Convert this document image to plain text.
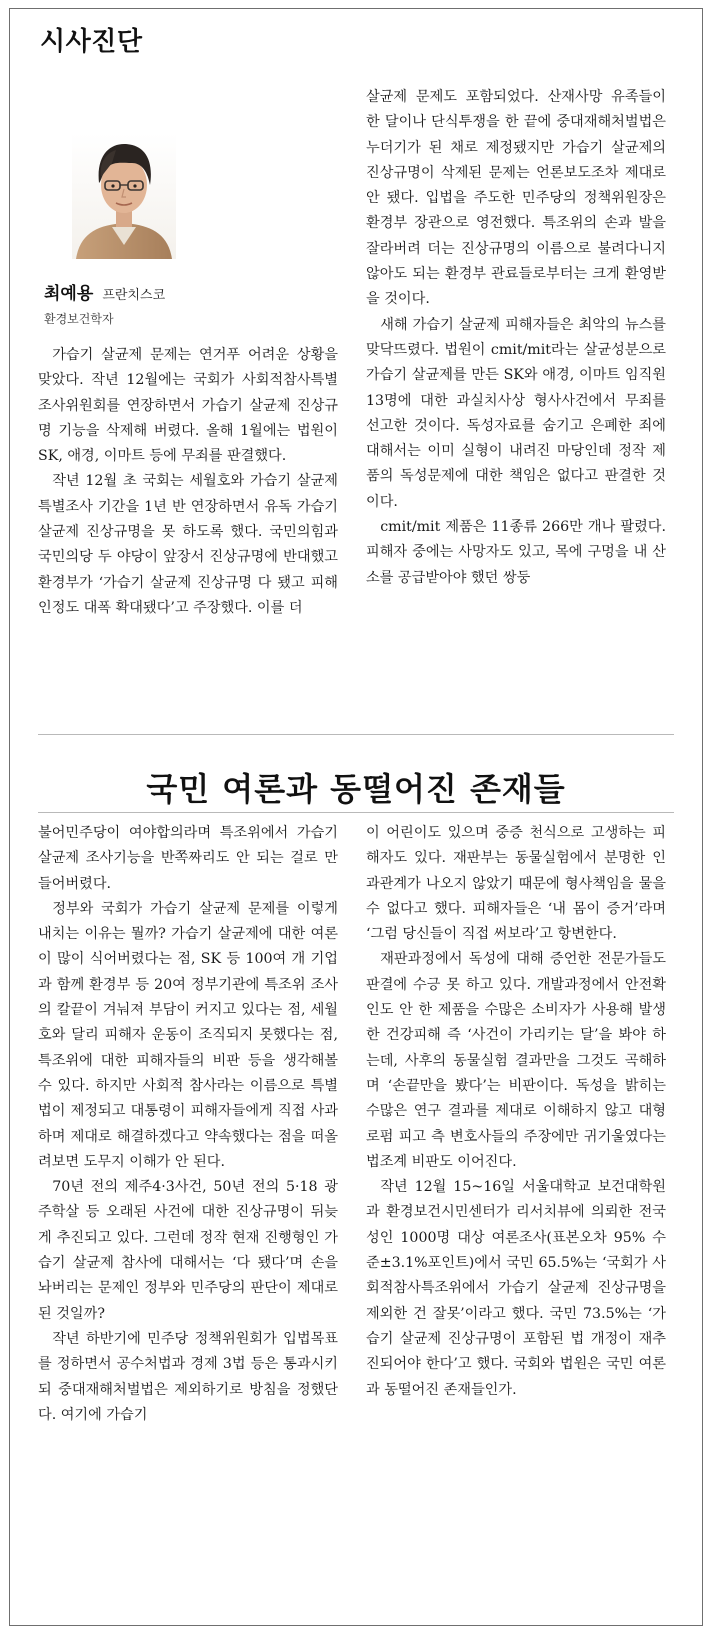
시사진단
최예용 프란치스코
환경보건학자

가습기 살균제 문제는 연거푸 어려운 상황을 맞았다. 작년 12월에는 국회가 사회적참사특별조사위원회를 연장하면서 가습기 살균제 진상규명 기능을 삭제해 버렸다. 올해 1월에는 법원이 SK, 애경, 이마트 등에 무죄를 판결했다.

작년 12월 초 국회는 세월호와 가습기 살균제 특별조사 기간을 1년 반 연장하면서 유독 가습기 살균제 진상규명을 못 하도록 했다. 국민의힘과 국민의당 두 야당이 앞장서 진상규명에 반대했고 환경부가 ‘가습기 살균제 진상규명 다 됐고 피해인정도 대폭 확대됐다’고 주장했다. 이를 더

살균제 문제도 포함되었다. 산재사망 유족들이 한 달이나 단식투쟁을 한 끝에 중대재해처벌법은 누더기가 된 채로 제정됐지만 가습기 살균제의 진상규명이 삭제된 문제는 언론보도조차 제대로 안 됐다. 입법을 주도한 민주당의 정책위원장은 환경부 장관으로 영전했다. 특조위의 손과 발을 잘라버려 더는 진상규명의 이름으로 불려다니지 않아도 되는 환경부 관료들로부터는 크게 환영받을 것이다.

새해 가습기 살균제 피해자들은 최악의 뉴스를 맞닥뜨렸다. 법원이 cmit/mit라는 살균성분으로 가습기 살균제를 만든 SK와 애경, 이마트 임직원 13명에 대한 과실치사상 형사사건에서 무죄를 선고한 것이다. 독성자료를 숨기고 은폐한 죄에 대해서는 이미 실형이 내려진 마당인데 정작 제품의 독성문제에 대한 책임은 없다고 판결한 것이다.

cmit/mit 제품은 11종류 266만 개나 팔렸다. 피해자 중에는 사망자도 있고, 목에 구멍을 내 산소를 공급받아야 했던 쌍둥

국민 여론과 동떨어진 존재들

불어민주당이 여야합의라며 특조위에서 가습기 살균제 조사기능을 반쪽짜리도 안 되는 걸로 만들어버렸다.

정부와 국회가 가습기 살균제 문제를 이렇게 내치는 이유는 뭘까? 가습기 살균제에 대한 여론이 많이 식어버렸다는 점, SK 등 100여 개 기업과 함께 환경부 등 20여 정부기관에 특조위 조사의 칼끝이 겨눠져 부담이 커지고 있다는 점, 세월호와 달리 피해자 운동이 조직되지 못했다는 점, 특조위에 대한 피해자들의 비판 등을 생각해볼 수 있다. 하지만 사회적 참사라는 이름으로 특별법이 제정되고 대통령이 피해자들에게 직접 사과하며 제대로 해결하겠다고 약속했다는 점을 떠올려보면 도무지 이해가 안 된다.

70년 전의 제주4·3사건, 50년 전의 5·18 광주학살 등 오래된 사건에 대한 진상규명이 뒤늦게 추진되고 있다. 그런데 정작 현재 진행형인 가습기 살균제 참사에 대해서는 ‘다 됐다’며 손을 놔버리는 문제인 정부와 민주당의 판단이 제대로 된 것일까?

작년 하반기에 민주당 정책위원회가 입법목표를 정하면서 공수처법과 경제 3법 등은 통과시키되 중대재해처벌법은 제외하기로 방침을 정했단다. 여기에 가습기

이 어린이도 있으며 중증 천식으로 고생하는 피해자도 있다. 재판부는 동물실험에서 분명한 인과관계가 나오지 않았기 때문에 형사책임을 물을 수 없다고 했다. 피해자들은 ‘내 몸이 증거’라며 ‘그럼 당신들이 직접 써보라’고 항변한다.

재판과정에서 독성에 대해 증언한 전문가들도 판결에 수긍 못 하고 있다. 개발과정에서 안전확인도 안 한 제품을 수많은 소비자가 사용해 발생한 건강피해 즉 ‘사건이 가리키는 달’을 봐야 하는데, 사후의 동물실험 결과만을 그것도 곡해하며 ‘손끝만을 봤다’는 비판이다. 독성을 밝히는 수많은 연구 결과를 제대로 이해하지 않고 대형 로펌 피고 측 변호사들의 주장에만 귀기울였다는 법조계 비판도 이어진다.

작년 12월 15~16일 서울대학교 보건대학원과 환경보건시민센터가 리서치뷰에 의뢰한 전국 성인 1000명 대상 여론조사(표본오차 95% 수준±3.1%포인트)에서 국민 65.5%는 ‘국회가 사회적참사특조위에서 가습기 살균제 진상규명을 제외한 건 잘못’이라고 했다. 국민 73.5%는 ‘가습기 살균제 진상규명이 포함된 법 개정이 재추진되어야 한다’고 했다. 국회와 법원은 국민 여론과 동떨어진 존재들인가.
